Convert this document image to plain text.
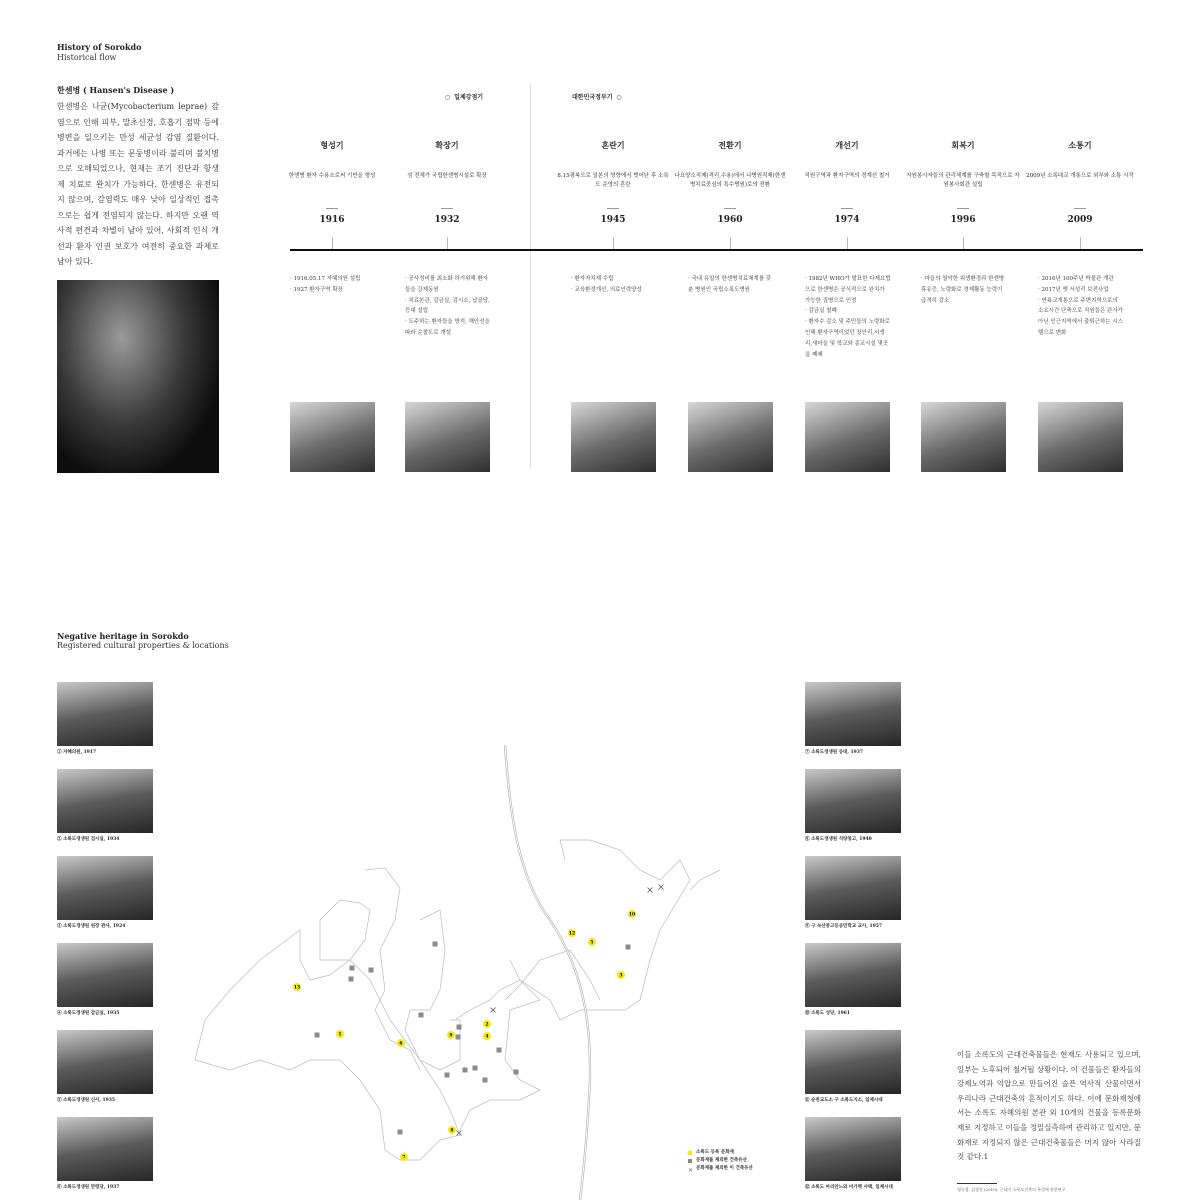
History of Sorokdo
Historical flow
한센병 ( Hansen's Disease )
한센병은 나균(Mycobacterium leprae) 감염으로 인해 피부, 말초신경, 호흡기 점막 등에 병변을 일으키는 만성 세균성 감염 질환이다. 과거에는 나병 또는 문둥병이라 불리며 불치병으로 오해되었으나, 현재는 조기 진단과 항생제 치료로 완치가 가능하다. 한센병은 유전되지 않으며, 감염력도 매우 낮아 일상적인 접촉으로는 쉽게 전염되지 않는다. 하지만 오랜 역사적 편견과 차별이 남아 있어, 사회적 인식 개선과 환자 인권 보호가 여전히 중요한 과제로 남아 있다.
○  일제강점기	대한민국정부기  ○
형성기
한센병 환자 수용소로써 기반을 형성
1916
· 1916.05.17 자혜의원 설립
· 1927 환자구역 확장
확장기
섬 전체가 국립한센병시설로 확장
1932
· 공사정비를 최소화 하기위해 환자들을 강제동원
· 치료본관, 감금실, 검시소, 납골당, 등대 설립
· 도주하는 환자들을 방지, 해안선을 따라 순찰도로 개설
혼란기
8.15광복으로 일본의 영향에서 벗어난 후 소록도 운영의 혼란
1945
· 환자자치제 수립
· 교육환경개선, 의료인력양성
전환기
나요양소직제(격리,수용)에서 나병원직제(한센병치료중심의 특수병원)로의 전환
1960
· 국내 유일의 한센병치료체계를 갖춘 병원인 국립소록도병원
개선기
직원구역과 환자구역의 경계선 철거
1974
· 1982년 WHO가 발표한 다제요법으로 한센병은 공식적으로 완치가 가능한 질병으로 인정
· 감금실 철폐
· 환자수 감소 및 주민들의 노령화로 인해 환자구역이었던 장안리,서생리,새마을 및 학교와 종교시설 몇곳을 폐쇄
회복기
자원봉사자들의 관리체계를 구축할 목적으로 자원봉사회관 설립
1996
· 마을의 열악한 위생환경과 한센병 휴유증, 노령화로 경제활동 능력이 급격히 감소
소통기
2009년 소록대교 개통으로 외부와 소통 시작
2009
· 2016년 100주년 박물관 개관
· 2017년 옛 서성리 보전사업
· 연륙교개통으로 주변지역으로의 소요시간 단축으로 직원들은 관사가 아닌 인근지역에서 출퇴근하는 시스템으로 변화
Negative heritage in Sorokdo
Registered cultural properties & locations
① 자혜의원, 1917
② 소록도갱생원 검시실, 1934
③ 소록도갱생원 원장 관사, 1924
④ 소록도갱생원 감금실, 1935
⑤ 소록도갱생원 신사, 1935
⑥ 소록도갱생원 만령당, 1937
⑦ 소록도갱생원 등대, 1937
⑧ 소록도갱생원 식량창고, 1940
⑨ 구 녹산중고등공민학교 교사, 1957
⑩ 소록도 성당, 1961
⑪ 순천교도소 구 소록도지소, 일제시대
⑫ 소록도 마리안느와 마가렛 사택, 일제시대
13
1
6
9
2
4
8
7
12
5
10
3
×
소록도 등록 문화재
문화재를 제외한 건축유산
문화재를 제외한 이 건축유산
이들 소록도의 근대건축물들은 현재도 사용되고 있으며, 일부는 노후되어 철거될 상황이다. 이 건물들은 환자들의 강제노역과 억압으로 만들어진 슬픈 역사적 산물이면서 우리나라 근대건축의 흔적이기도 하다. 이에 문화재청에서는 소록도 자혜의원 본관 외 10개의 건물을 등록문화재로 지정하고 이들을 정밀실측하여 관리하고 있지만, 문화재로 지정되지 않은 근대건축물들은 머지 않아 사라질 것 같다.1
정숙경, 김정진 (2010), 근대기 소록도건축의 특성에 관한연구
